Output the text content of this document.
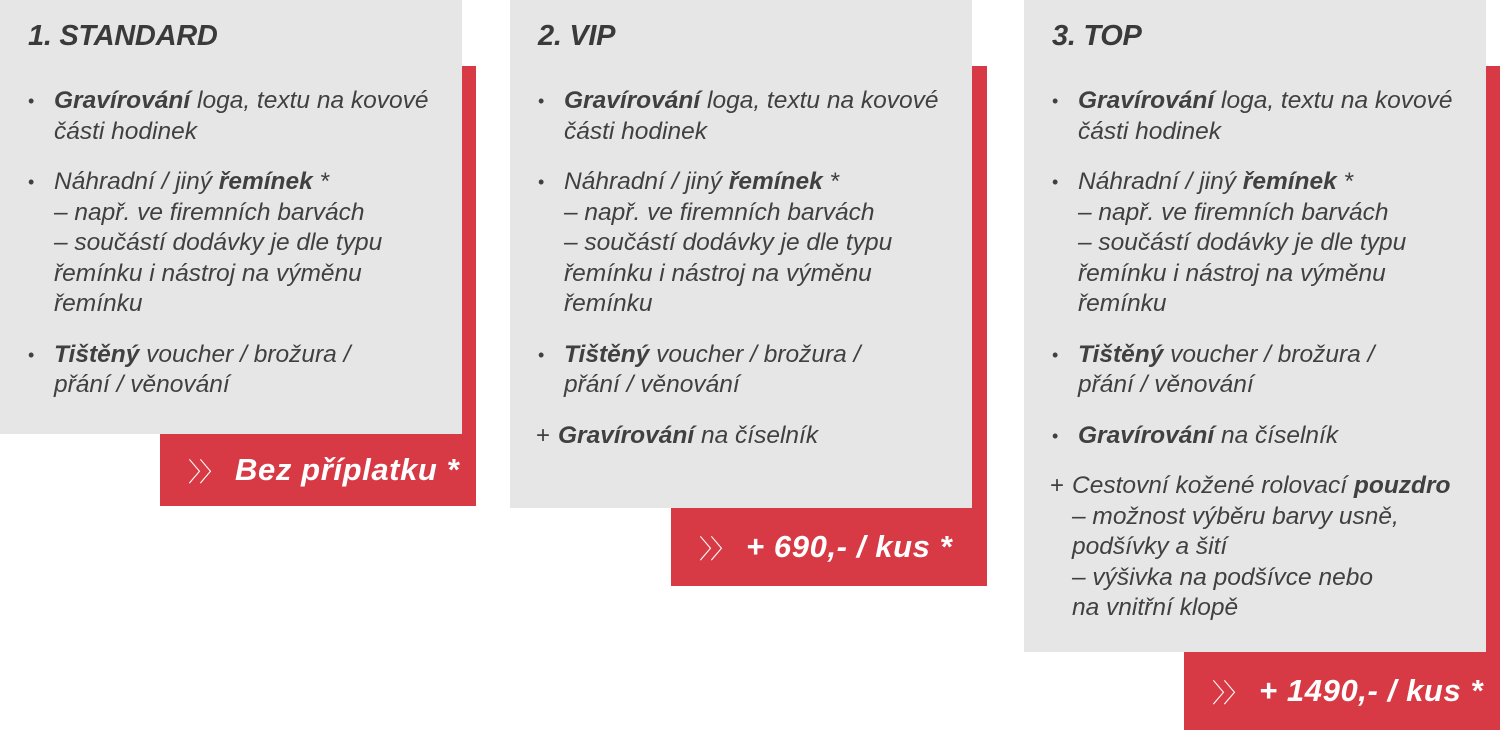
1. STANDARD
• Gravírování loga, textu na kovové
části hodinek
• Náhradní / jiný řemínek *
– např. ve firemních barvách
– součástí dodávky je dle typu
řemínku i nástroj na výměnu
řemínku
• Tištěný voucher / brožura /
přání / věnování
〉〉 Bez příplatku *
2. VIP
• Gravírování loga, textu na kovové
části hodinek
• Náhradní / jiný řemínek *
– např. ve firemních barvách
– součástí dodávky je dle typu
řemínku i nástroj na výměnu
řemínku
• Tištěný voucher / brožura /
přání / věnování
+ Gravírování na číselník
〉〉 + 690,- / kus *
3. TOP
• Gravírování loga, textu na kovové
části hodinek
• Náhradní / jiný řemínek *
– např. ve firemních barvách
– součástí dodávky je dle typu
řemínku i nástroj na výměnu
řemínku
• Tištěný voucher / brožura /
přání / věnování
• Gravírování na číselník
+ Cestovní kožené rolovací pouzdro
– možnost výběru barvy usně,
podšívky a šití
– výšivka na podšívce nebo
na vnitřní klopě
〉〉 + 1490,- / kus *
